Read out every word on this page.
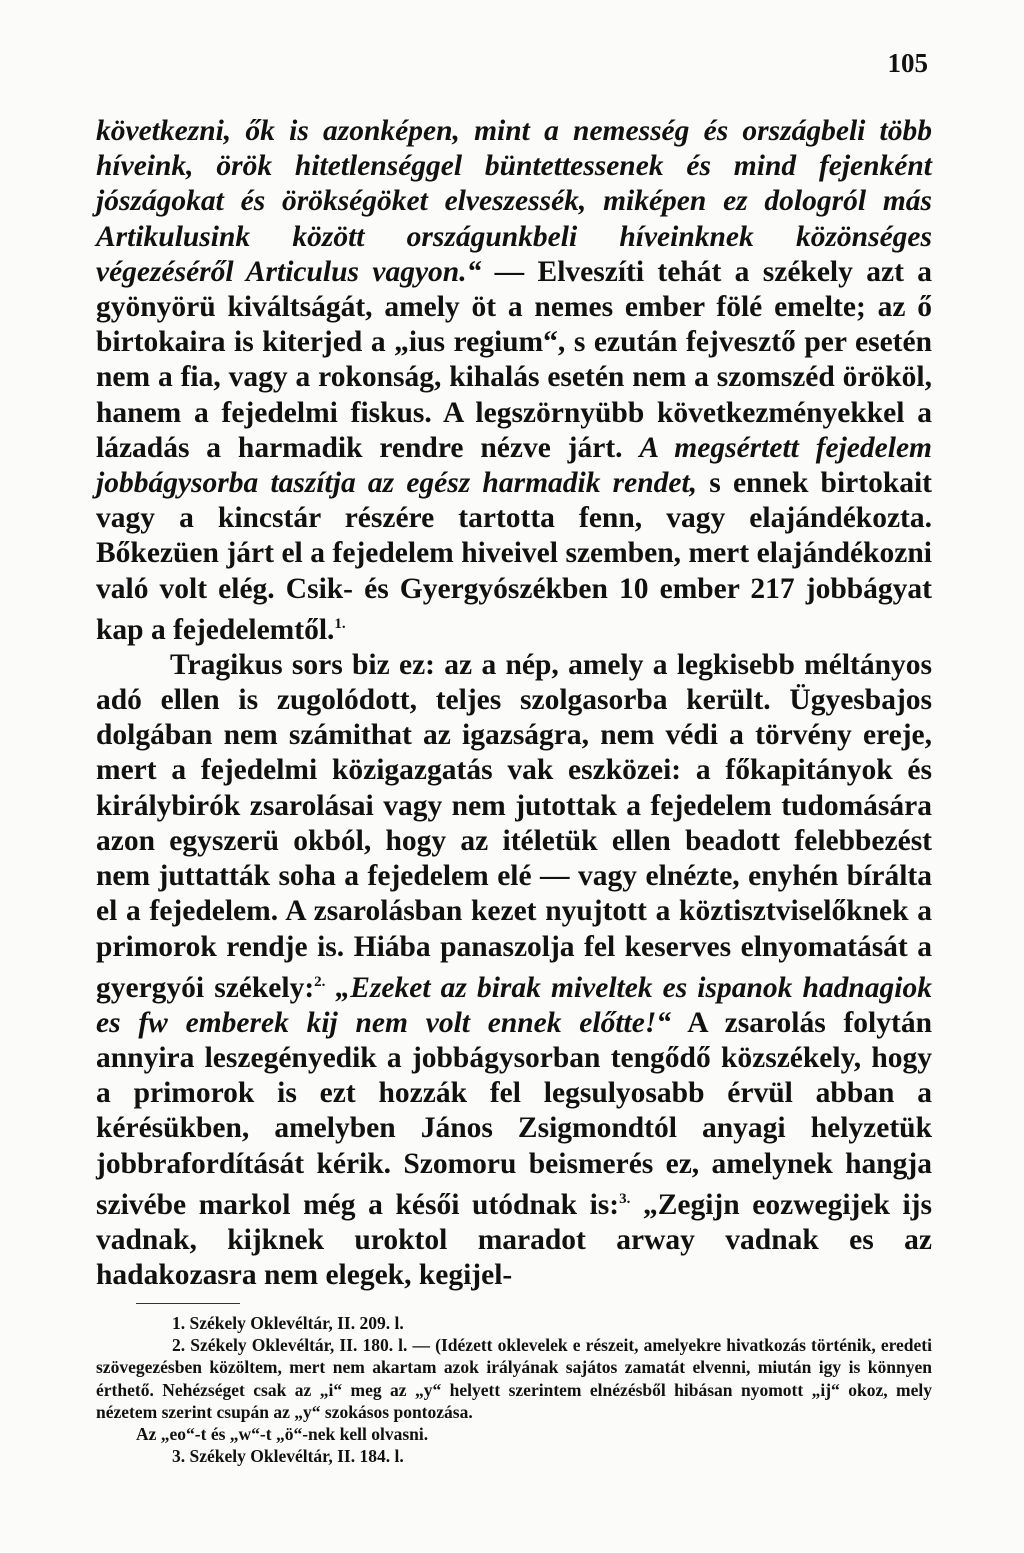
105

következni, ők is azonképen, mint a nemesség és országbeli több híveink, örök hitetlenséggel büntettessenek és mind fejenként jószágokat és örökségöket elveszessék, miképen ez dologról más Artikulusink között országunkbeli híveinknek közönséges végezéséről Articulus vagyon.“ — Elveszíti tehát a székely azt a gyönyörü kiváltságát, amely öt a nemes ember fölé emelte; az ő birtokaira is kiterjed a „ius regium“, s ezután fejvesztő per esetén nem a fia, vagy a rokonság, kihalás esetén nem a szomszéd örököl, hanem a fejedelmi fiskus. A legszörnyübb következményekkel a lázadás a harmadik rendre nézve járt. A megsértett fejedelem jobbágysorba taszítja az egész harmadik rendet, s ennek birtokait vagy a kincstár részére tartotta fenn, vagy elajándékozta. Bőkezüen járt el a fejedelem hiveivel szemben, mert elajándékozni való volt elég. Csik- és Gyergyószékben 10 ember 217 jobbágyat kap a fejedelemtől.$^{1.}$

Tragikus sors biz ez: az a nép, amely a legkisebb méltányos adó ellen is zugolódott, teljes szolgasorba került. Ügyesbajos dolgában nem számithat az igazságra, nem védi a törvény ereje, mert a fejedelmi közigazgatás vak eszközei: a főkapitányok és királybirók zsarolásai vagy nem jutottak a fejedelem tudomására azon egyszerü okból, hogy az itéletük ellen beadott felebbezést nem juttatták soha a fejedelem elé — vagy elnézte, enyhén bírálta el a fejedelem. A zsarolásban kezet nyujtott a köztisztviselőknek a primorok rendje is. Hiába panaszolja fel keserves elnyomatását a gyergyói székely:$^{2.}$ „Ezeket az birak miveltek es ispanok hadnagiok es fw emberek kij nem volt ennek előtte!“ A zsarolás folytán annyira leszegényedik a jobbágysorban tengődő közszékely, hogy a primorok is ezt hozzák fel legsulyosabb érvül abban a kérésükben, amelyben János Zsigmondtól anyagi helyzetük jobbrafordítását kérik. Szomoru beismerés ez, amelynek hangja szivébe markol még a késői utódnak is:$^{3.}$ „Zegijn eozwegijek ijs vadnak, kijknek uroktol maradot arway vadnak es az hadakozasra nem elegek, kegijel-

1. Székely Oklevéltár, II. 209. l.

2. Székely Oklevéltár, II. 180. l. — (Idézett oklevelek e részeit, amelyekre hivatkozás történik, eredeti szövegezésben közöltem, mert nem akartam azok irályának sajátos zamatát elvenni, miután igy is könnyen érthető. Nehézséget csak az „i“ meg az „y“ helyett szerintem elnézésből hibásan nyomott „ij“ okoz, mely nézetem szerint csupán az „y“ szokásos pontozása.

Az „eo“-t és „w“-t „ö“-nek kell olvasni.

3. Székely Oklevéltár, II. 184. l.
